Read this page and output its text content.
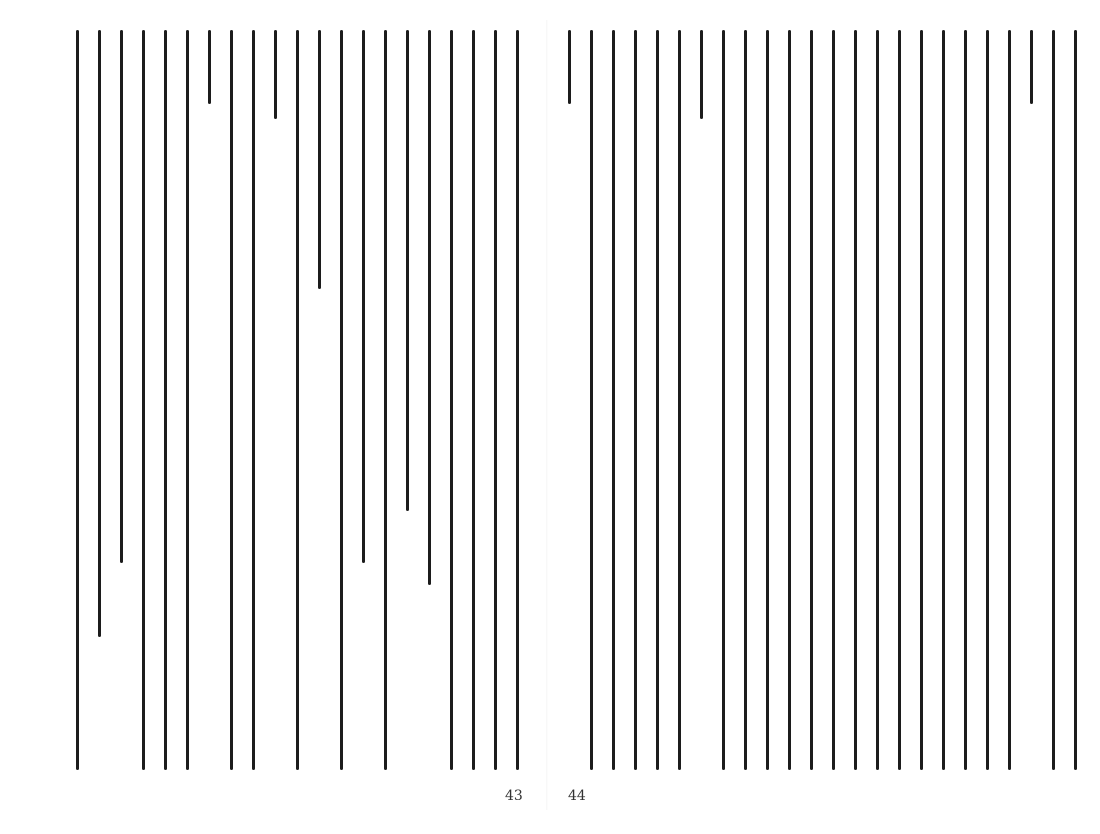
43	44
